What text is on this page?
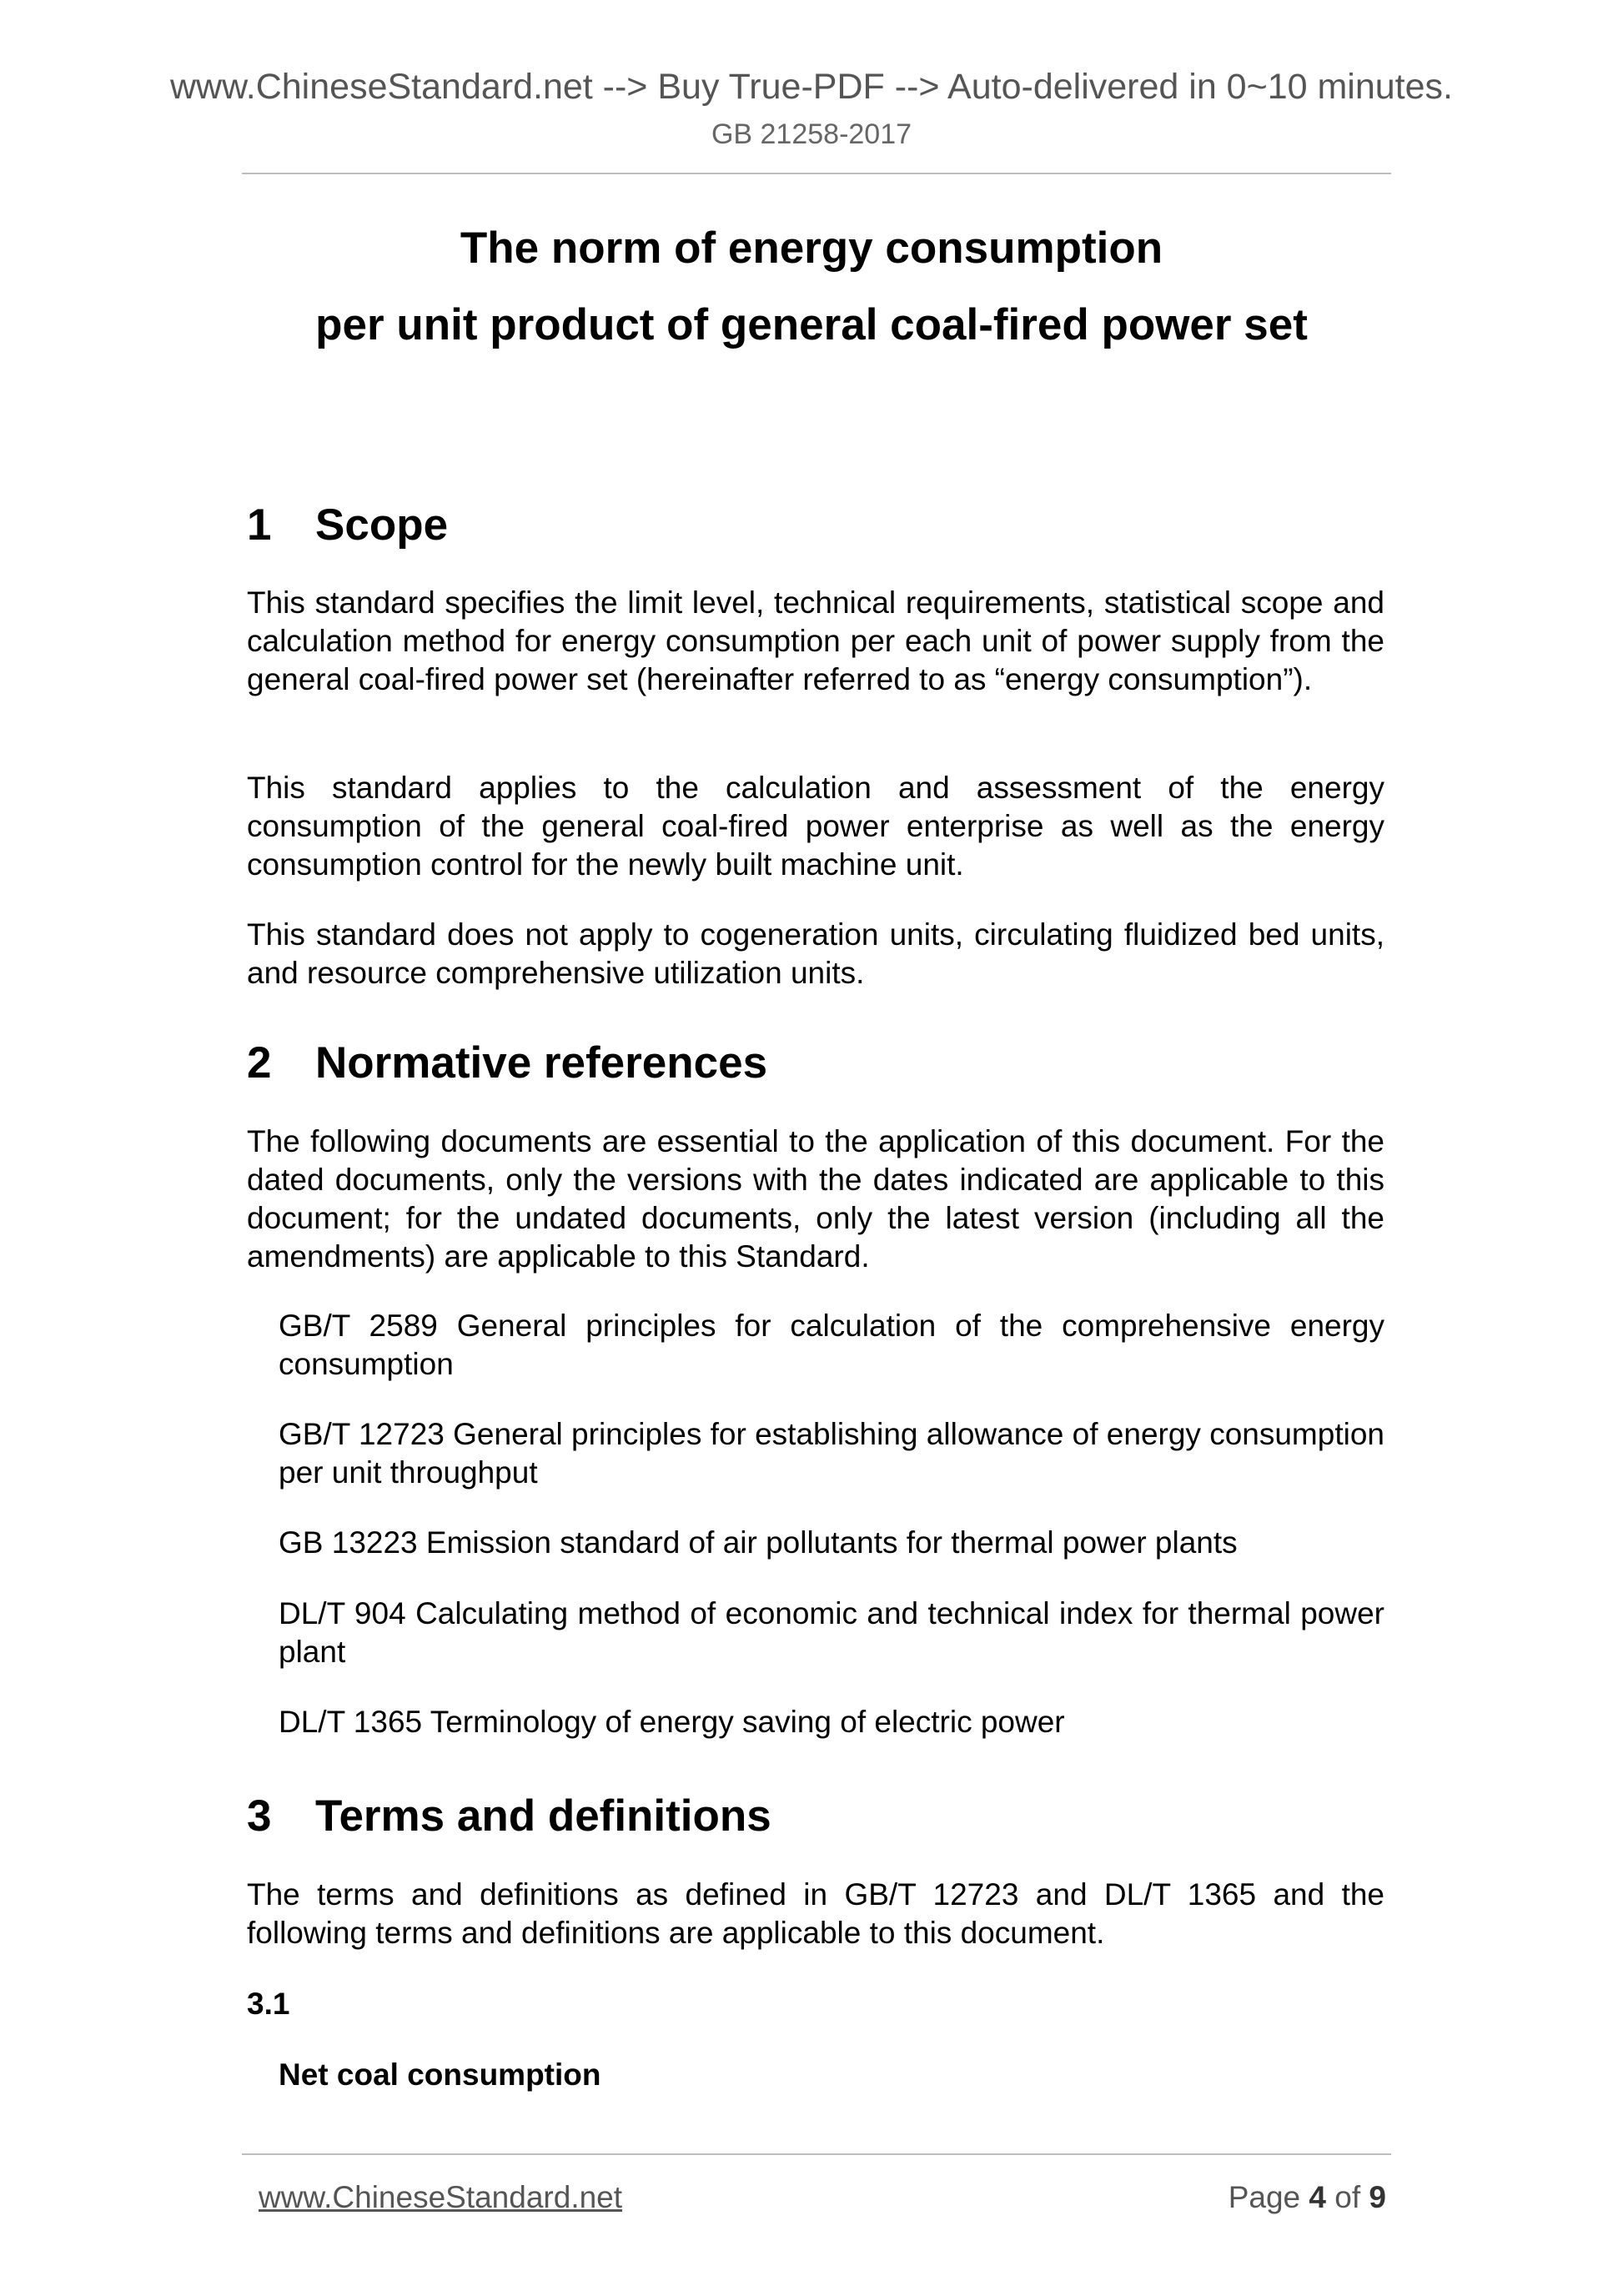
www.ChineseStandard.net --> Buy True-PDF --> Auto-delivered in 0~10 minutes.
GB 21258-2017
The norm of energy consumption
per unit product of general coal-fired power set
1 Scope

This standard specifies the limit level, technical requirements, statistical scope and calculation method for energy consumption per each unit of power supply from the general coal-fired power set (hereinafter referred to as “energy consumption”).

This standard applies to the calculation and assessment of the energy consumption of the general coal-fired power enterprise as well as the energy consumption control for the newly built machine unit.

This standard does not apply to cogeneration units, circulating fluidized bed units, and resource comprehensive utilization units.

2 Normative references

The following documents are essential to the application of this document. For the dated documents, only the versions with the dates indicated are applicable to this document; for the undated documents, only the latest version (including all the amendments) are applicable to this Standard.

GB/T 2589 General principles for calculation of the comprehensive energy consumption

GB/T 12723 General principles for establishing allowance of energy consumption per unit throughput

GB 13223 Emission standard of air pollutants for thermal power plants

DL/T 904 Calculating method of economic and technical index for thermal power plant

DL/T 1365 Terminology of energy saving of electric power

3 Terms and definitions

The terms and definitions as defined in GB/T 12723 and DL/T 1365 and the following terms and definitions are applicable to this document.

3.1

Net coal consumption

www.ChineseStandard.net	Page 4 of 9
